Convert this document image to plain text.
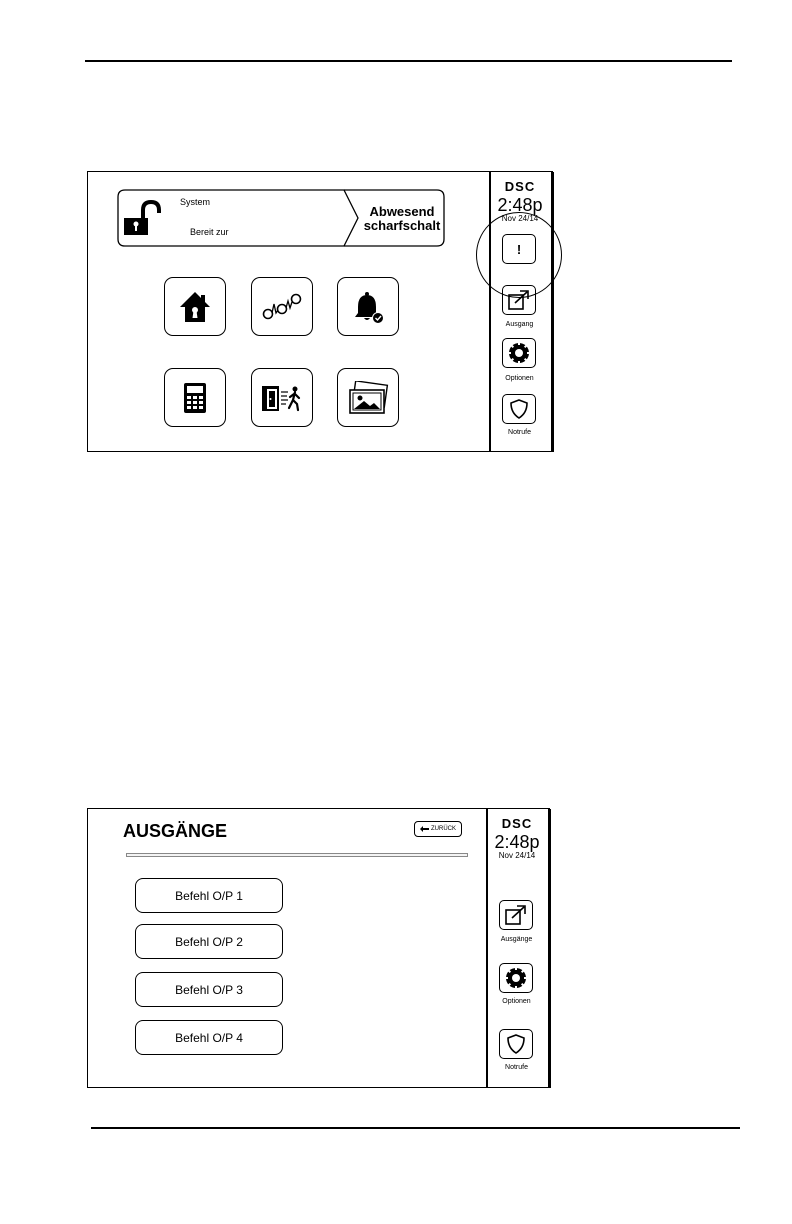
System
Bereit zur
Abwesend
scharfschalt
DSC
2:48p
Nov 24/14
!
Ausgang
Optionen
Notrufe
AUSGÄNGE	ZURÜCK
Befehl O/P 1
Befehl O/P 2
Befehl O/P 3
Befehl O/P 4
DSC
2:48p
Nov 24/14
Ausgänge
Optionen
Notrufe
